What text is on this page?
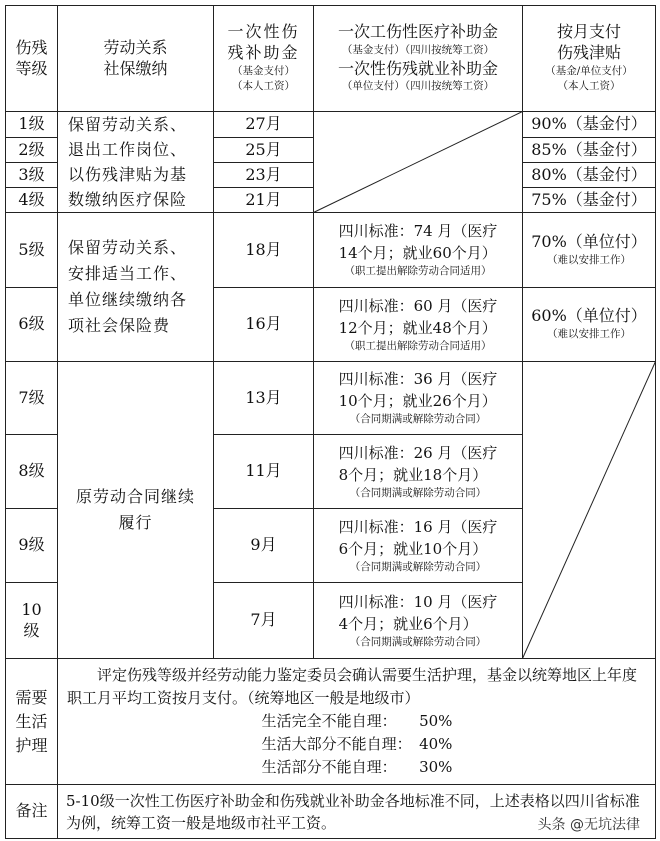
伤残
等级
劳动关系
社保缴纳
一次性伤
残补助金
（基金支付）
（本人工资）
一次工伤性医疗补助金
（基金支付）（四川按统筹工资）
一次性伤残就业补助金
（单位支付）（四川按统筹工资）
按月支付
伤残津贴
（基金/单位支付）
（本人工资）
1级
2级
3级
4级
保留劳动关系、
退出工作岗位、
以伤残津贴为基
数缴纳医疗保险
27月
25月
23月
21月
90%（基金付）
85%（基金付）
80%（基金付）
75%（基金付）
5级
6级
保留劳动关系、
安排适当工作、
单位继续缴纳各
项社会保险费
18月
16月
四川标准：74 月（医疗
14个月；就业60个月）
（职工提出解除劳动合同适用）
四川标准：60 月（医疗
12个月；就业48个月）
（职工提出解除劳动合同适用）
70%（单位付）
（难以安排工作）
60%（单位付）
（难以安排工作）
7级
8级
9级
10
级
原劳动合同继续
履行
13月
11月
9月
7月
四川标准：36 月（医疗
10个月；就业26个月）
（合同期满或解除劳动合同）
四川标准：26 月（医疗
8个月；就业18个月）
（合同期满或解除劳动合同）
四川标准：16 月（医疗
6个月；就业10个月）
（合同期满或解除劳动合同）
四川标准：10 月（医疗
4个月；就业6个月）
（合同期满或解除劳动合同）
需要
生活
护理
评定伤残等级并经劳动能力鉴定委员会确认需要生活护理，基金以统筹地区上年度职工月平均工资按月支付。（统筹地区一般是地级市）
生活完全不能自理：　　50%
生活大部分不能自理：　40%
生活部分不能自理：　　30%
备注
5-10级一次性工伤医疗补助金和伤残就业补助金各地标准不同，上述表格以四川省标准为例，统筹工资一般是地级市社平工资。	头条 @无坑法律
